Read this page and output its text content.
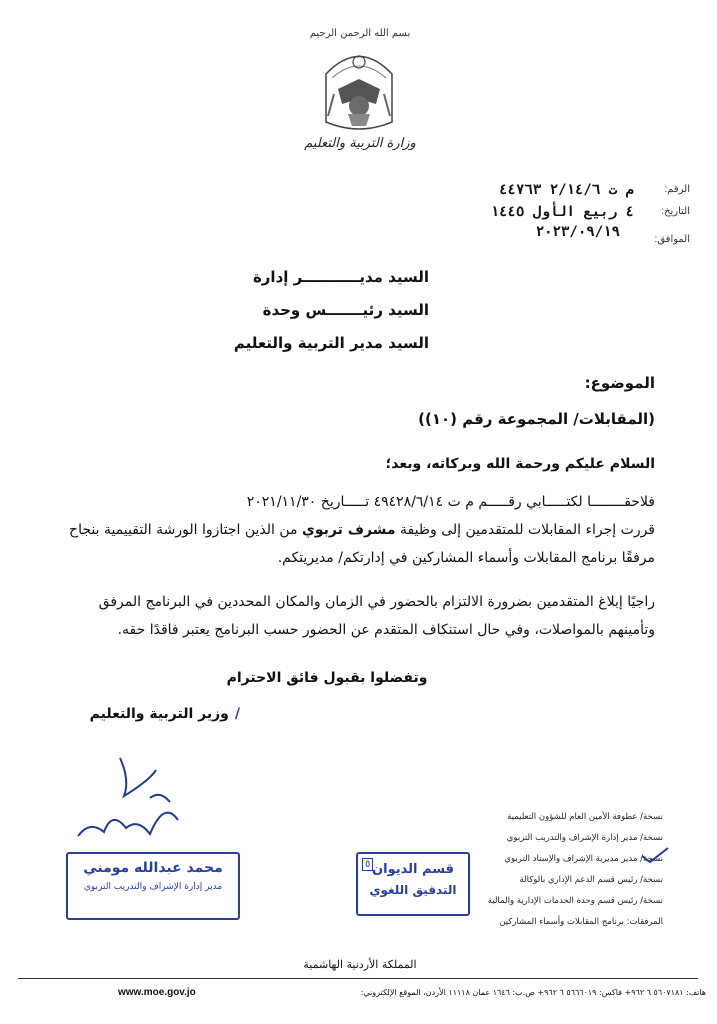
بسم الله الرحمن الرحيم
وزارة التربية والتعليم
الرقم:
م ت ٢/١٤/٦ ٤٤٧٦٣
التاريخ:
٤ ربيع الأول ١٤٤٥
الموافق:
٢٠٢٣/٠٩/١٩
السيد مديـــــــــــر إدارة
السيد رئيـــــــس وحدة
السيد مدير التربية والتعليم
الموضوع:
(المقابلات/ المجموعة رقم (١٠))
السلام عليكم ورحمة الله وبركاته، وبعد؛
فلاحقــــــــا لكتـــــابي رقـــــم م ت ٤٩٤٢٨/٦/١٤ تـــــاريخ ٢٠٢١/١١/٣٠
قررت إجراء المقابلات للمتقدمين إلى وظيفة مشرف تربوي من الذين اجتازوا الورشة التقييمية بنجاح
مرفقًا برنامج المقابلات وأسماء المشاركين في إدارتكم/ مديريتكم.
راجيًا إبلاغ المتقدمين بضرورة الالتزام بالحضور في الزمان والمكان المحددين في البرنامج المرفق
وتأمينهم بالمواصلات، وفي حال استنكاف المتقدم عن الحضور حسب البرنامج يعتبر فاقدًا حقه.
وتفضلوا بقبول فائق الاحترام
/وزير التربية والتعليم
محمد عبدالله مومني
مدير إدارة الإشراف والتدريب التربوي
قسم الديوان
التدقيق اللغوي
٥
نسخة/ عطوفة الأمين العام للشؤون التعليمية
نسخة/ مدير إدارة الإشراف والتدريب التربوي
نسخة/ مدير مديرية الإشراف والإسناد التربوي
نسخة/ رئيس قسم الدعم الإداري بالوكالة
نسخة/ رئيس قسم وحدة الخدمات الإدارية والمالية
المرفقات: برنامج المقابلات وأسماء المشاركين
المملكة الأردنية الهاشمية
هاتف: ٥٦٠٧١٨١ ٦ ٩٦٢+ فاكس: ٥٦٦٦٠١٩ ٦ ٩٦٢+ ص.ب: ١٦٤٦ عمان ١١١١٨ الأردن، الموقع الإلكتروني:
www.moe.gov.jo
